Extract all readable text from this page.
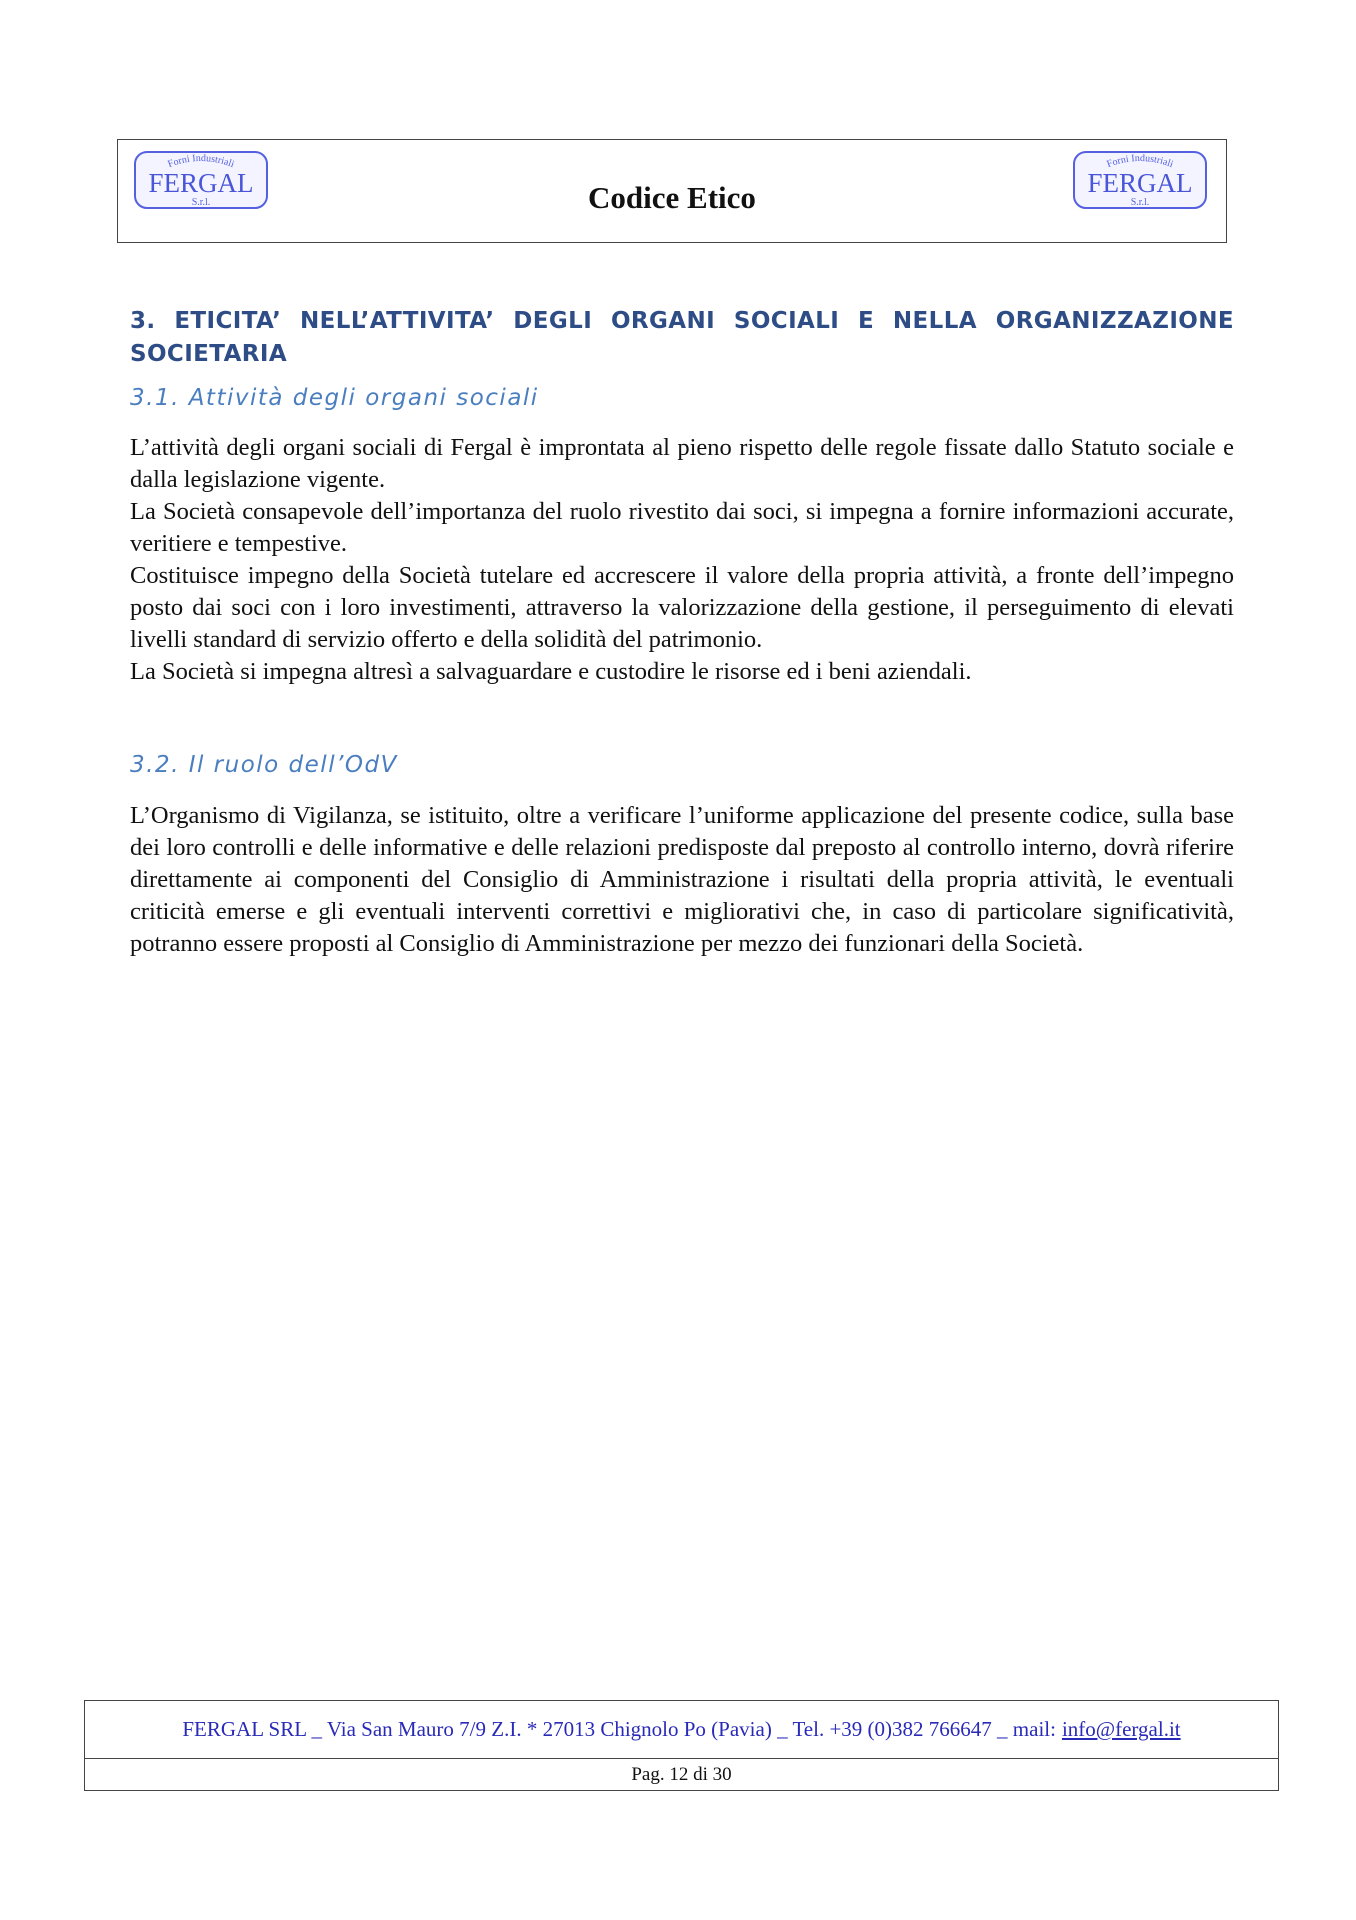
Forni Industriali
FERGAL
S.r.l.	Codice Etico
Forni Industriali
FERGAL
S.r.l.
3. ETICITA’ NELL’ATTIVITA’ DEGLI ORGANI SOCIALI E NELLA ORGANIZZAZIONE SOCIETARIA
3.1. Attività degli organi sociali

L’attività degli organi sociali di Fergal è improntata al pieno rispetto delle regole fissate dallo Statuto sociale e dalla legislazione vigente.

La Società consapevole dell’importanza del ruolo rivestito dai soci, si impegna a fornire informazioni accurate, veritiere e tempestive.

Costituisce impegno della Società tutelare ed accrescere il valore della propria attività, a fronte dell’impegno posto dai soci con i loro investimenti, attraverso la valorizzazione della gestione, il perseguimento di elevati livelli standard di servizio offerto e della solidità del patrimonio.

La Società si impegna altresì a salvaguardare e custodire le risorse ed i beni aziendali.

3.2. Il ruolo dell’OdV

L’Organismo di Vigilanza, se istituito, oltre a verificare l’uniforme applicazione del presente codice, sulla base dei loro controlli e delle informative e delle relazioni predisposte dal preposto al controllo interno, dovrà riferire direttamente ai componenti del Consiglio di Amministrazione i risultati della propria attività, le eventuali criticità emerse e gli eventuali interventi correttivi e migliorativi che, in caso di particolare significatività, potranno essere proposti al Consiglio di Amministrazione per mezzo dei funzionari della Società.

FERGAL SRL _ Via San Mauro 7/9 Z.I. * 27013 Chignolo Po (Pavia) _ Tel. +39 (0)382 766647 _ mail: info@fergal.it
Pag. 12 di 30
